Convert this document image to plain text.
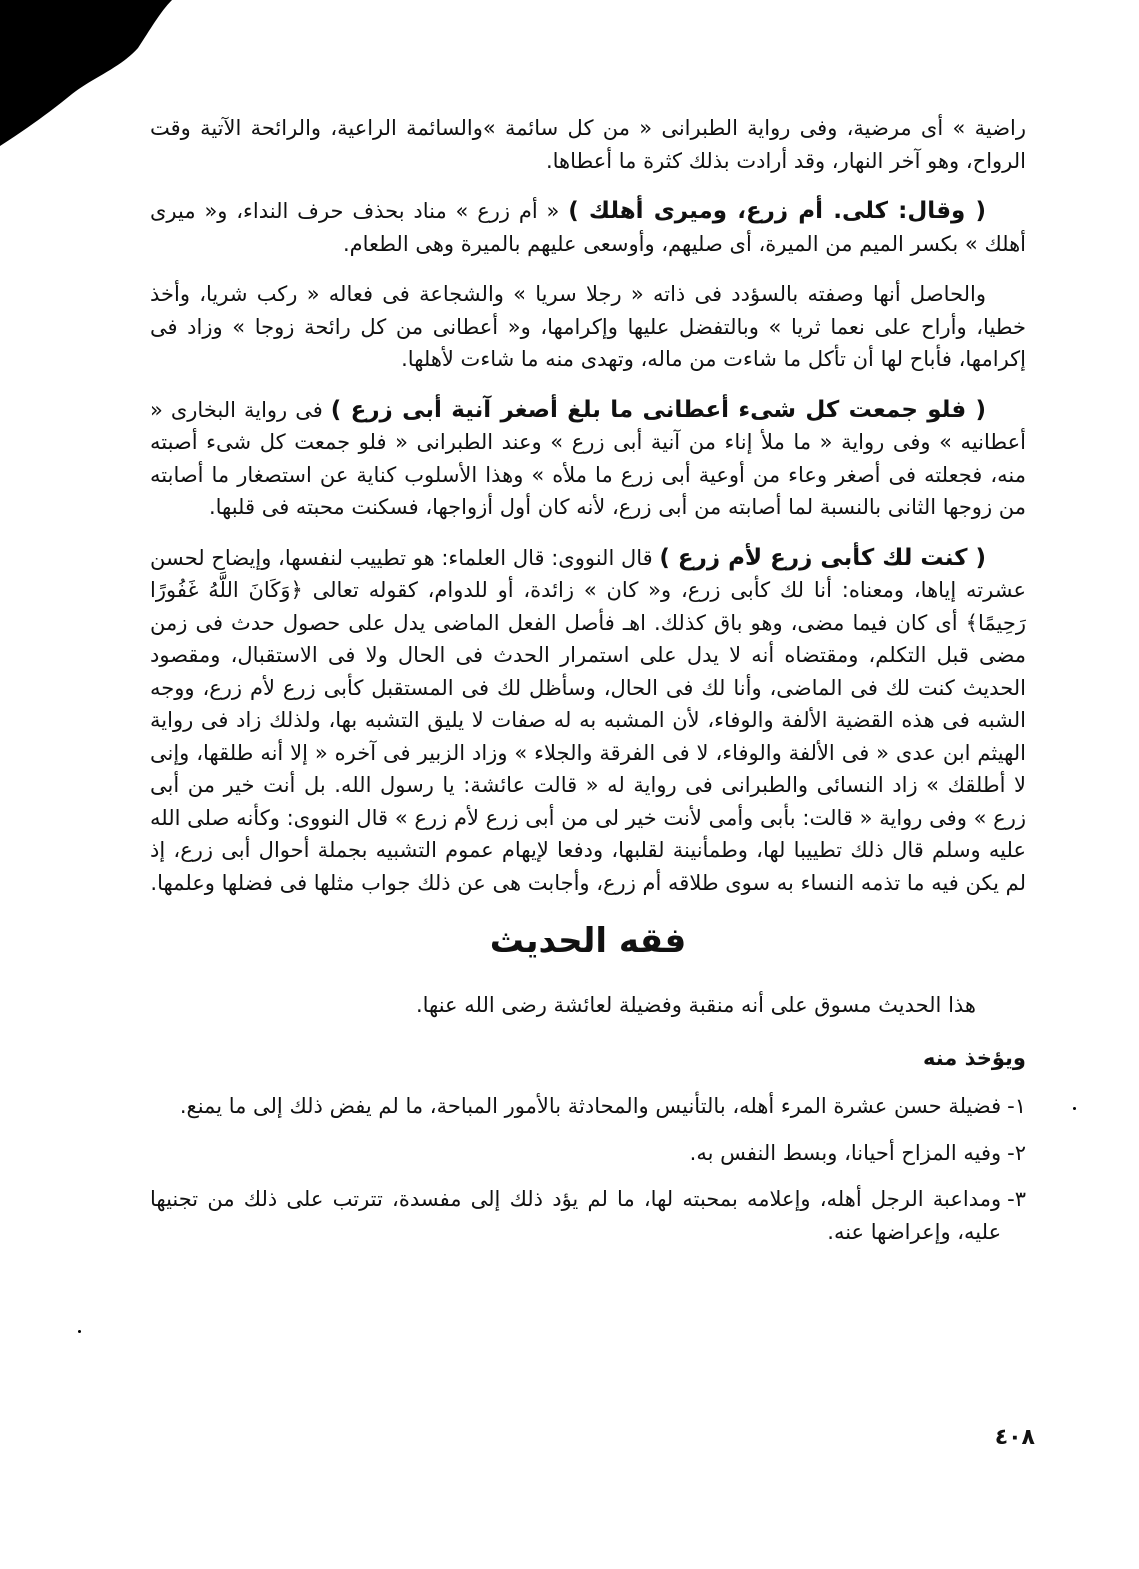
راضية » أى مرضية، وفى رواية الطبرانى « من كل سائمة »والسائمة الراعية، والرائحة الآتية وقت الرواح، وهو آخر النهار، وقد أرادت بذلك كثرة ما أعطاها.

( وقال: كلى. أم زرع، وميرى أهلك ) « أم زرع » مناد بحذف حرف النداء، و« ميرى أهلك » بكسر الميم من الميرة، أى صليهم، وأوسعى عليهم بالميرة وهى الطعام.

والحاصل أنها وصفته بالسؤدد فى ذاته « رجلا سريا » والشجاعة فى فعاله « ركب شريا، وأخذ خطيا، وأراح على نعما ثريا » وبالتفضل عليها وإكرامها، و« أعطانى من كل رائحة زوجا » وزاد فى إكرامها، فأباح لها أن تأكل ما شاءت من ماله، وتهدى منه ما شاءت لأهلها.

( فلو جمعت كل شىء أعطانى ما بلغ أصغر آنية أبى زرع ) فى رواية البخارى « أعطانيه » وفى رواية « ما ملأ إناء من آنية أبى زرع » وعند الطبرانى « فلو جمعت كل شىء أصبته منه، فجعلته فى أصغر وعاء من أوعية أبى زرع ما ملأه » وهذا الأسلوب كناية عن استصغار ما أصابته من زوجها الثانى بالنسبة لما أصابته من أبى زرع، لأنه كان أول أزواجها، فسكنت محبته فى قلبها.

( كنت لك كأبى زرع لأم زرع ) قال النووى: قال العلماء: هو تطييب لنفسها، وإيضاح لحسن عشرته إياها، ومعناه: أنا لك كأبى زرع، و« كان » زائدة، أو للدوام، كقوله تعالى ﴿وَكَانَ اللَّهُ غَفُورًا رَحِيمًا﴾ أى كان فيما مضى، وهو باق كذلك. اهـ فأصل الفعل الماضى يدل على حصول حدث فى زمن مضى قبل التكلم، ومقتضاه أنه لا يدل على استمرار الحدث فى الحال ولا فى الاستقبال، ومقصود الحديث كنت لك فى الماضى، وأنا لك فى الحال، وسأظل لك فى المستقبل كأبى زرع لأم زرع، ووجه الشبه فى هذه القضية الألفة والوفاء، لأن المشبه به له صفات لا يليق التشبه بها، ولذلك زاد فى رواية الهيثم ابن عدى « فى الألفة والوفاء، لا فى الفرقة والجلاء » وزاد الزبير فى آخره « إلا أنه طلقها، وإنى لا أطلقك » زاد النسائى والطبرانى فى رواية له « قالت عائشة: يا رسول الله. بل أنت خير من أبى زرع » وفى رواية « قالت: بأبى وأمى لأنت خير لى من أبى زرع لأم زرع » قال النووى: وكأنه صلى الله عليه وسلم قال ذلك تطييبا لها، وطمأنينة لقلبها، ودفعا لإيهام عموم التشبيه بجملة أحوال أبى زرع، إذ لم يكن فيه ما تذمه النساء به سوى طلاقه أم زرع، وأجابت هى عن ذلك جواب مثلها فى فضلها وعلمها.

فقه الحديث

هذا الحديث مسوق على أنه منقبة وفضيلة لعائشة رضى الله عنها.

ويؤخذ منه
١-
فضيلة حسن عشرة المرء أهله، بالتأنيس والمحادثة بالأمور المباحة، ما لم يفض ذلك إلى ما يمنع.
٢-
وفيه المزاح أحيانا، وبسط النفس به.
٣-
ومداعبة الرجل أهله، وإعلامه بمحبته لها، ما لم يؤد ذلك إلى مفسدة، تترتب على ذلك من تجنيها عليه، وإعراضها عنه.
٤٠٨
